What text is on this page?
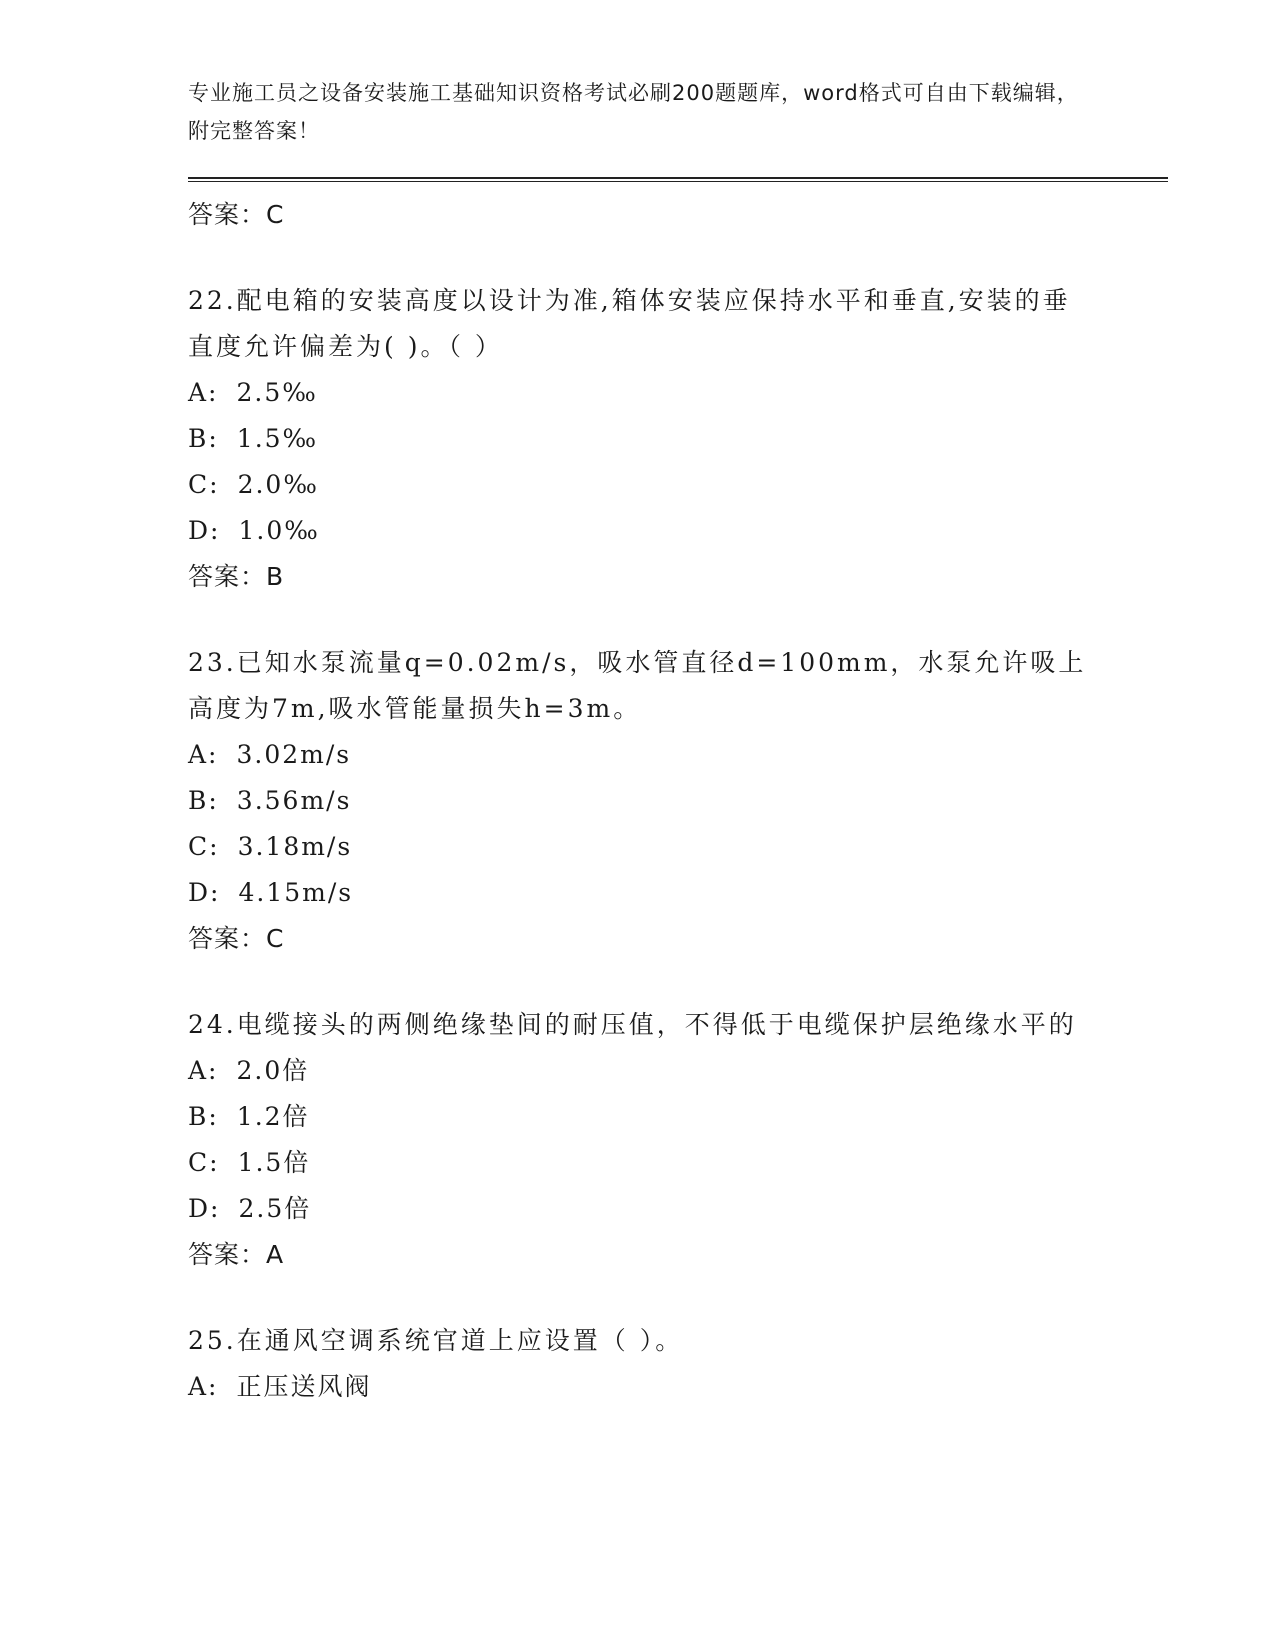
专业施工员之设备安装施工基础知识资格考试必刷200题题库，word格式可自由下载编辑，附完整答案！
答案：C
22.配电箱的安装高度以设计为准,箱体安装应保持水平和垂直,安装的垂直度允许偏差为( )。（ ）
A: 2.5‰
B: 1.5‰
C: 2.0‰
D: 1.0‰
答案：B
23.已知水泵流量q=0.02m/s，吸水管直径d=100mm，水泵允许吸上高度为7m,吸水管能量损失h=3m。
A: 3.02m/s
B: 3.56m/s
C: 3.18m/s
D: 4.15m/s
答案：C
24.电缆接头的两侧绝缘垫间的耐压值，不得低于电缆保护层绝缘水平的
A: 2.0倍
B: 1.2倍
C: 1.5倍
D: 2.5倍
答案：A
25.在通风空调系统官道上应设置（ ）。
A: 正压送风阀
